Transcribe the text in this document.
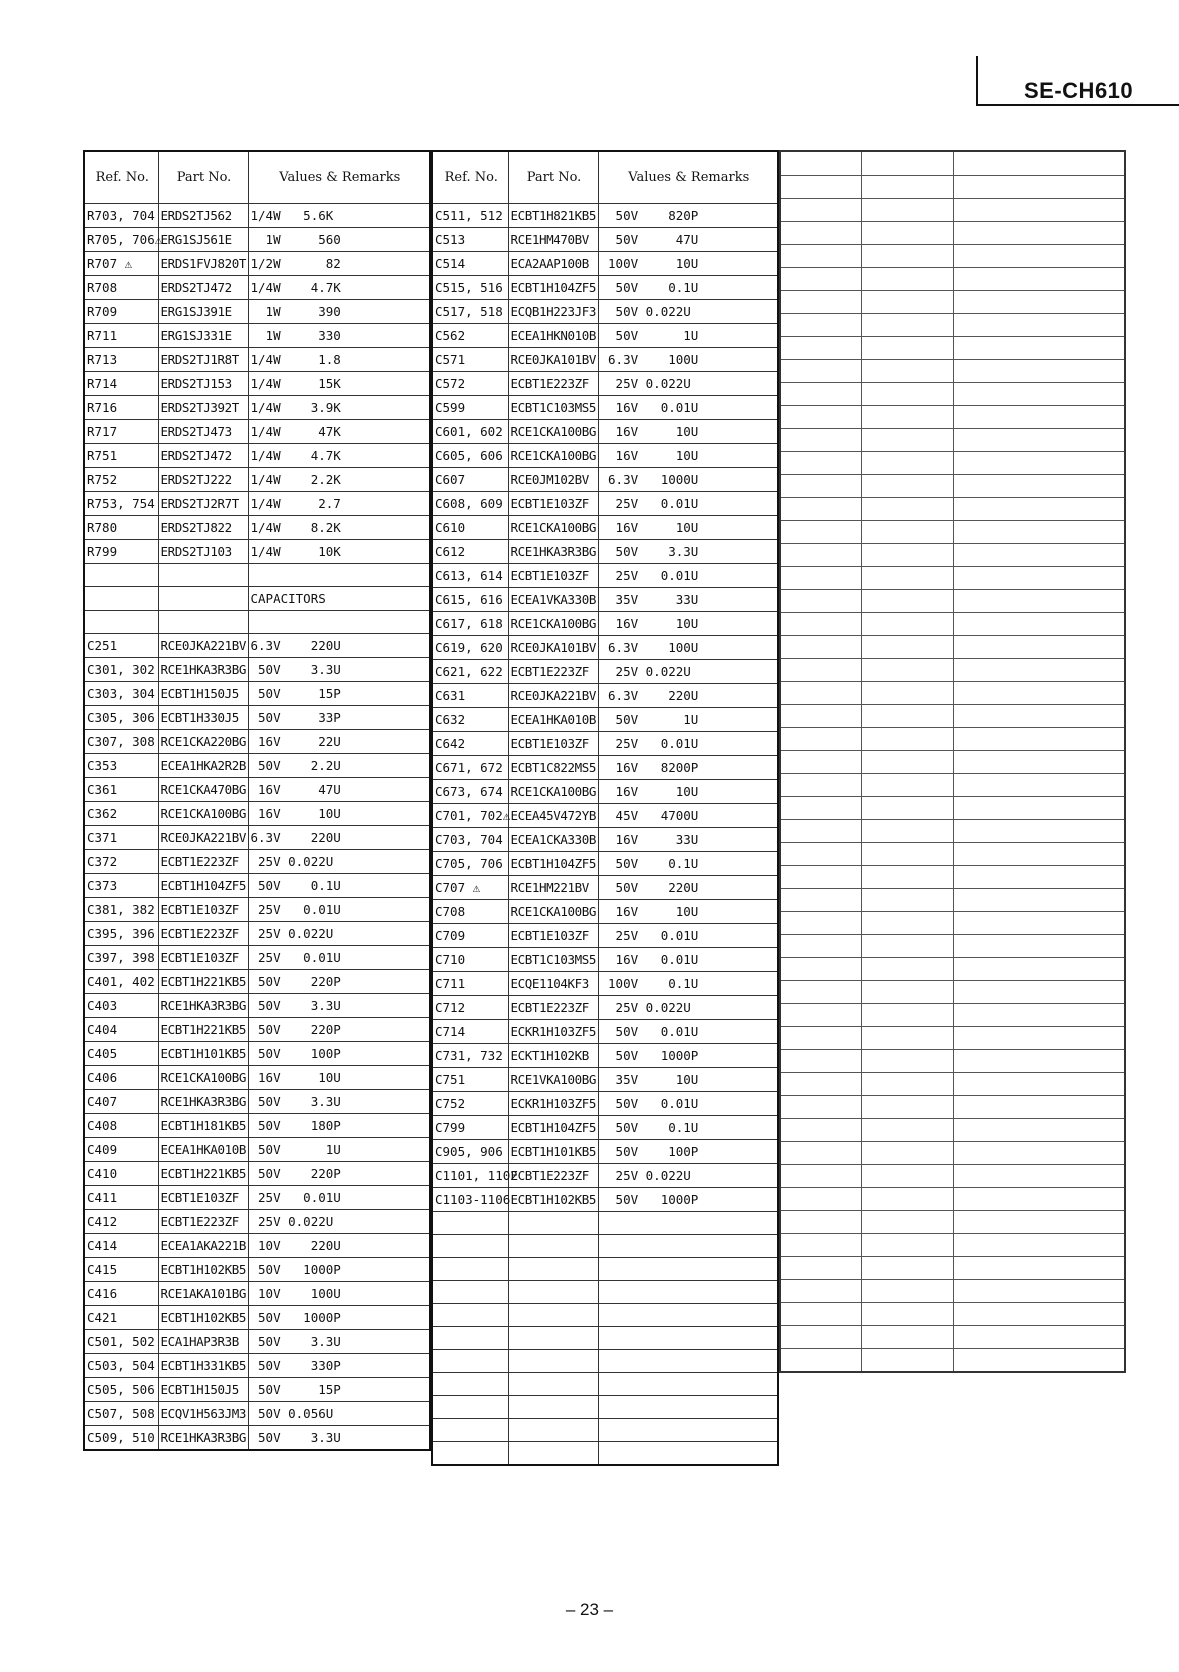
SE-CH610
Ref. No.	Part No.	Values & Remarks
R703, 704	ERDS2TJ562	1/4W   5.6K
R705, 706⚠	ERG1SJ561E	1W     560
R707 ⚠	ERDS1FVJ820T	1/2W      82
R708	ERDS2TJ472	1/4W    4.7K
R709	ERG1SJ391E	1W     390
R711	ERG1SJ331E	1W     330
R713	ERDS2TJ1R8T	1/4W     1.8
R714	ERDS2TJ153	1/4W     15K
R716	ERDS2TJ392T	1/4W    3.9K
R717	ERDS2TJ473	1/4W     47K
R751	ERDS2TJ472	1/4W    4.7K
R752	ERDS2TJ222	1/4W    2.2K
R753, 754	ERDS2TJ2R7T	1/4W     2.7
R780	ERDS2TJ822	1/4W    8.2K
R799	ERDS2TJ103	1/4W     10K

		CAPACITORS

C251	RCE0JKA221BV	6.3V    220U
C301, 302	RCE1HKA3R3BG	50V    3.3U
C303, 304	ECBT1H150J5	50V     15P
C305, 306	ECBT1H330J5	50V     33P
C307, 308	RCE1CKA220BG	16V     22U
C353	ECEA1HKA2R2B	50V    2.2U
C361	RCE1CKA470BG	16V     47U
C362	RCE1CKA100BG	16V     10U
C371	RCE0JKA221BV	6.3V    220U
C372	ECBT1E223ZF	25V 0.022U
C373	ECBT1H104ZF5	50V    0.1U
C381, 382	ECBT1E103ZF	25V   0.01U
C395, 396	ECBT1E223ZF	25V 0.022U
C397, 398	ECBT1E103ZF	25V   0.01U
C401, 402	ECBT1H221KB5	50V    220P
C403	RCE1HKA3R3BG	50V    3.3U
C404	ECBT1H221KB5	50V    220P
C405	ECBT1H101KB5	50V    100P
C406	RCE1CKA100BG	16V     10U
C407	RCE1HKA3R3BG	50V    3.3U
C408	ECBT1H181KB5	50V    180P
C409	ECEA1HKA010B	50V      1U
C410	ECBT1H221KB5	50V    220P
C411	ECBT1E103ZF	25V   0.01U
C412	ECBT1E223ZF	25V 0.022U
C414	ECEA1AKA221B	10V    220U
C415	ECBT1H102KB5	50V   1000P
C416	RCE1AKA101BG	10V    100U
C421	ECBT1H102KB5	50V   1000P
C501, 502	ECA1HAP3R3B	50V    3.3U
C503, 504	ECBT1H331KB5	50V    330P
C505, 506	ECBT1H150J5	50V     15P
C507, 508	ECQV1H563JM3	50V 0.056U
C509, 510	RCE1HKA3R3BG	50V    3.3U
Ref. No.	Part No.	Values & Remarks
C511, 512	ECBT1H821KB5	50V    820P
C513	RCE1HM470BV	50V     47U
C514	ECA2AAP100B	100V     10U
C515, 516	ECBT1H104ZF5	50V    0.1U
C517, 518	ECQB1H223JF3	50V 0.022U
C562	ECEA1HKN010B	50V      1U
C571	RCE0JKA101BV	6.3V    100U
C572	ECBT1E223ZF	25V 0.022U
C599	ECBT1C103MS5	16V   0.01U
C601, 602	RCE1CKA100BG	16V     10U
C605, 606	RCE1CKA100BG	16V     10U
C607	RCE0JM102BV	6.3V   1000U
C608, 609	ECBT1E103ZF	25V   0.01U
C610	RCE1CKA100BG	16V     10U
C612	RCE1HKA3R3BG	50V    3.3U
C613, 614	ECBT1E103ZF	25V   0.01U
C615, 616	ECEA1VKA330B	35V     33U
C617, 618	RCE1CKA100BG	16V     10U
C619, 620	RCE0JKA101BV	6.3V    100U
C621, 622	ECBT1E223ZF	25V 0.022U
C631	RCE0JKA221BV	6.3V    220U
C632	ECEA1HKA010B	50V      1U
C642	ECBT1E103ZF	25V   0.01U
C671, 672	ECBT1C822MS5	16V   8200P
C673, 674	RCE1CKA100BG	16V     10U
C701, 702⚠	ECEA45V472YB	45V   4700U
C703, 704	ECEA1CKA330B	16V     33U
C705, 706	ECBT1H104ZF5	50V    0.1U
C707 ⚠	RCE1HM221BV	50V    220U
C708	RCE1CKA100BG	16V     10U
C709	ECBT1E103ZF	25V   0.01U
C710	ECBT1C103MS5	16V   0.01U
C711	ECQE1104KF3	100V    0.1U
C712	ECBT1E223ZF	25V 0.022U
C714	ECKR1H103ZF5	50V   0.01U
C731, 732	ECKT1H102KB	50V   1000P
C751	RCE1VKA100BG	35V     10U
C752	ECKR1H103ZF5	50V   0.01U
C799	ECBT1H104ZF5	50V    0.1U
C905, 906	ECBT1H101KB5	50V    100P
C1101, 1102	ECBT1E223ZF	25V 0.022U
C1103-1106	ECBT1H102KB5	50V   1000P

– 23 –
